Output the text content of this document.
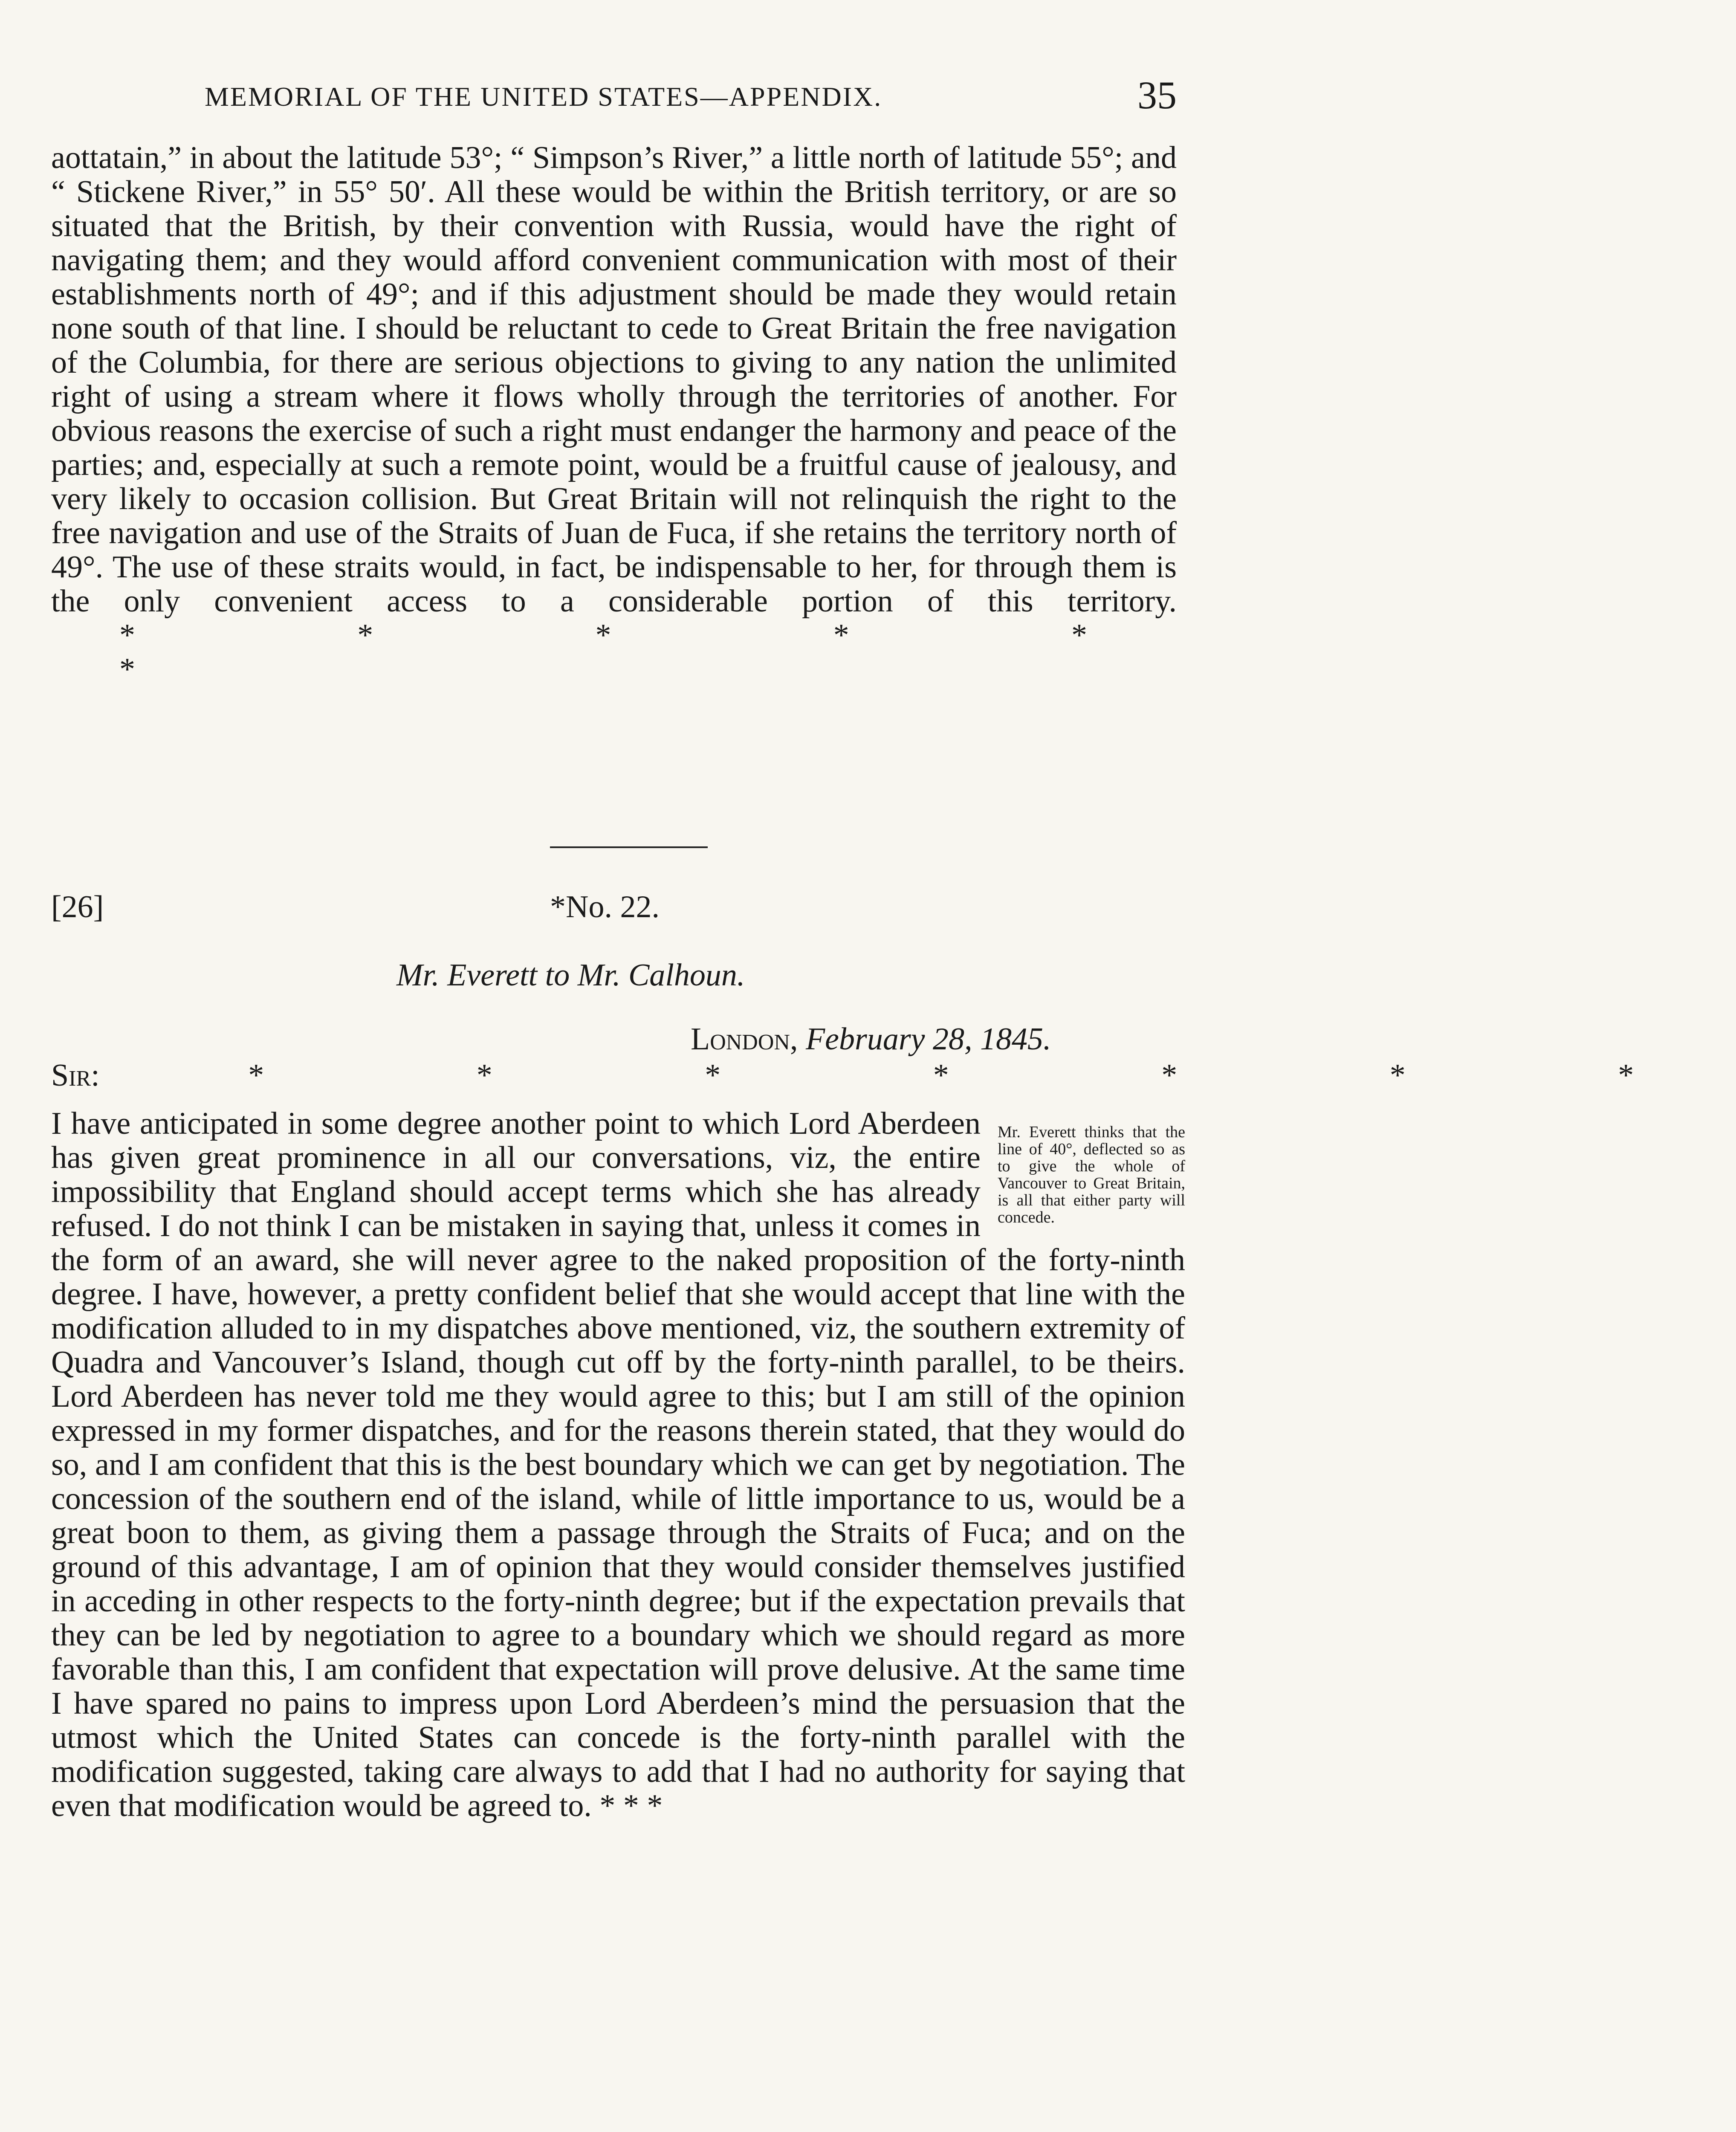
MEMORIAL OF THE UNITED STATES—APPENDIX.	35

aottatain,” in about the latitude 53°; “ Simpson’s River,” a little north of latitude 55°; and “ Stickene River,” in 55° 50′. All these would be within the British territory, or are so situated that the British, by their convention with Russia, would have the right of navigating them; and they would afford convenient communication with most of their establishments north of 49°; and if this adjustment should be made they would retain none south of that line. I should be reluctant to cede to Great Britain the free navigation of the Columbia, for there are serious objections to giving to any nation the unlimited right of using a stream where it flows wholly through the territories of another. For obvious reasons the exercise of such a right must endanger the harmony and peace of the parties; and, especially at such a remote point, would be a fruitful cause of jealousy, and very likely to occasion collision. But Great Britain will not relinquish the right to the free navigation and use of the Straits of Juan de Fuca, if she retains the territory north of 49°. The use of these straits would, in fact, be indispensable to her, for through them is the only convenient access to a considerable portion of this territory. * * * * * *

[26]	*No. 22.
Mr. Everett to Mr. Calhoun.
London, February 28, 1845.
Sir:	* * * * * * *

Mr. Everett thinks that the line of 40°, deflected so as to give the whole of Vancouver to Great Britain, is all that either party will concede.
I have anticipated in some degree another point to which Lord Aberdeen has given great prominence in all our conversations, viz, the entire impossibility that England should accept terms which she has already refused. I do not think I can be mistaken in saying that, unless it comes in the form of an award, she will never agree to the naked proposition of the forty-ninth degree. I have, however, a pretty confident belief that she would accept that line with the modification alluded to in my dispatches above mentioned, viz, the southern extremity of Quadra and Vancouver’s Island, though cut off by the forty-ninth parallel, to be theirs. Lord Aberdeen has never told me they would agree to this; but I am still of the opinion expressed in my former dispatches, and for the reasons therein stated, that they would do so, and I am confident that this is the best boundary which we can get by negotiation. The concession of the southern end of the island, while of little importance to us, would be a great boon to them, as giving them a passage through the Straits of Fuca; and on the ground of this advantage, I am of opinion that they would consider themselves justified in acceding in other respects to the forty-ninth degree; but if the expectation prevails that they can be led by negotiation to agree to a boundary which we should regard as more favorable than this, I am confident that expectation will prove delusive. At the same time I have spared no pains to impress upon Lord Aberdeen’s mind the persuasion that the utmost which the United States can concede is the forty-ninth parallel with the modification suggested, taking care always to add that I had no authority for saying that even that modification would be agreed to. * * *
